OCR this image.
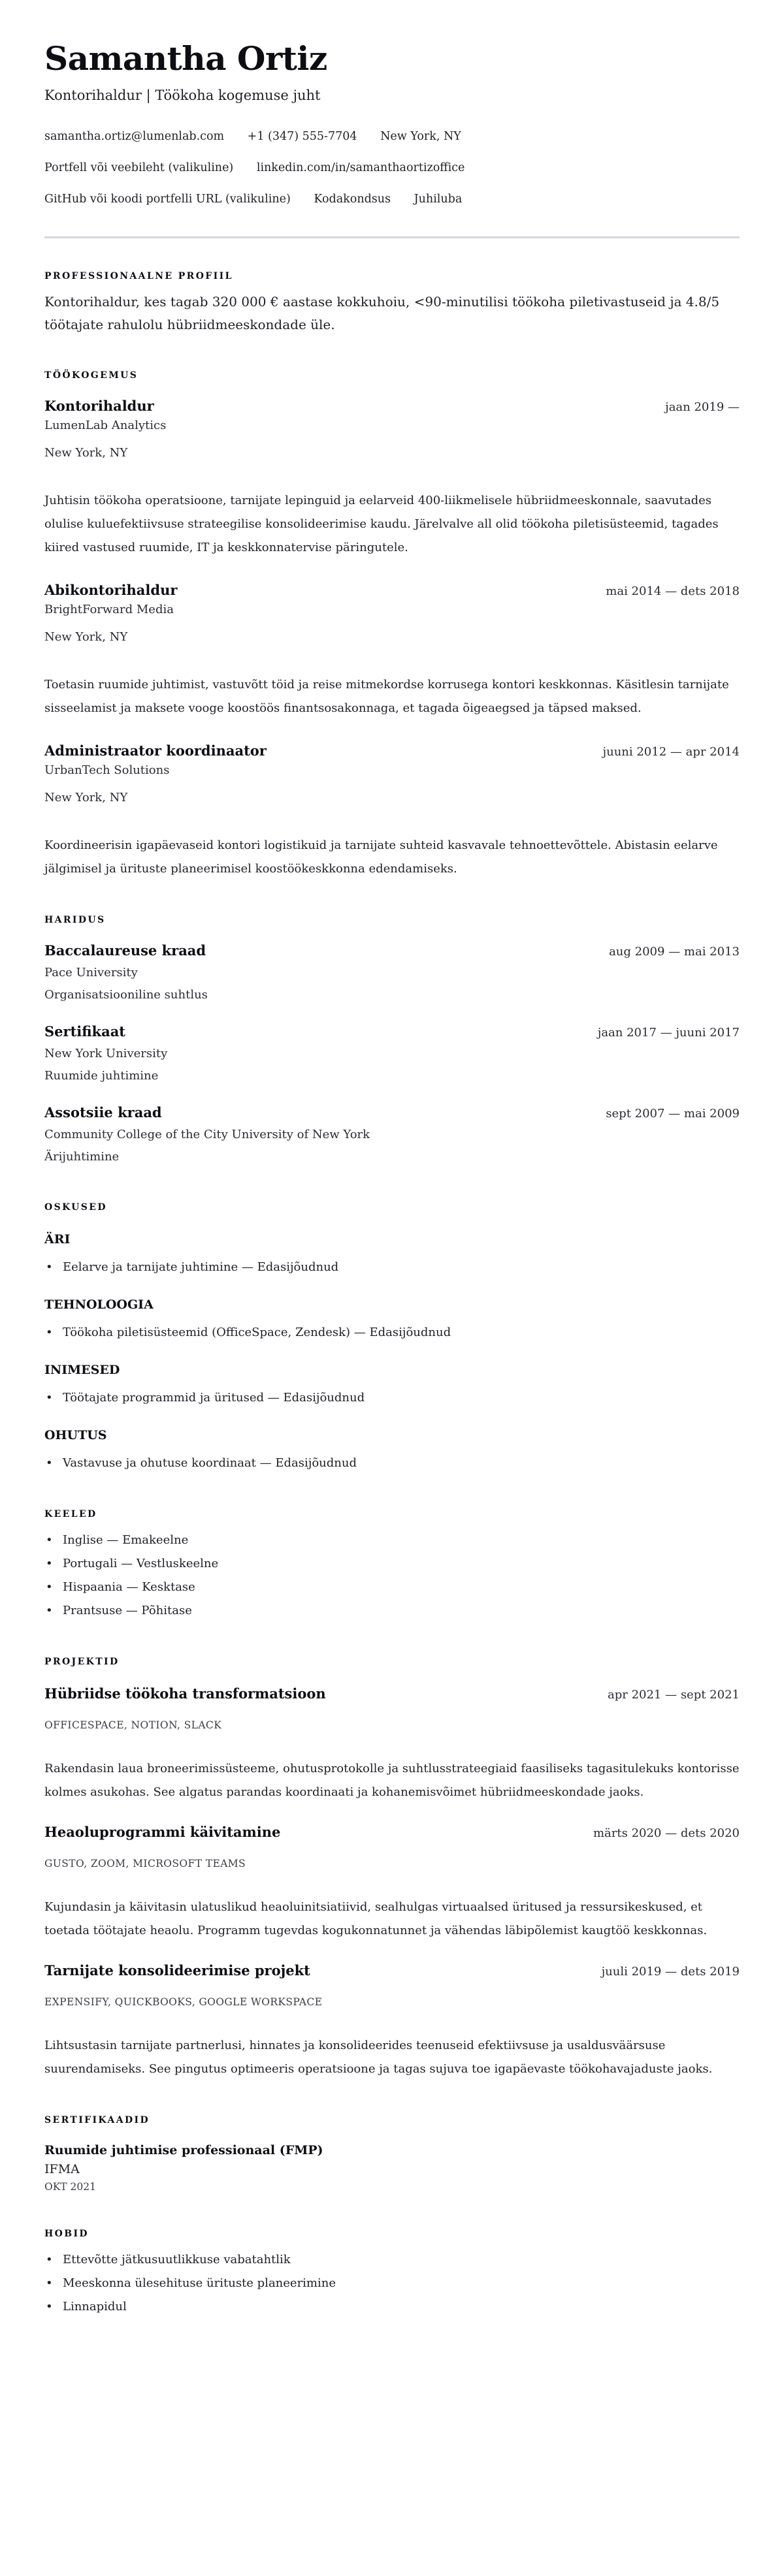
Samantha Ortiz
Kontorihaldur | Töökoha kogemuse juht
samantha.ortiz@lumenlab.com +1 (347) 555-7704 New York, NY
Portfell või veebileht (valikuline) linkedin.com/in/samanthaortizoffice
GitHub või koodi portfelli URL (valikuline) Kodakondsus Juhiluba
PROFESSIONAALNE PROFIIL

Kontorihaldur, kes tagab 320 000 € aastase kokkuhoiu, <90-minutilisi töökoha piletivastuseid ja 4.8/5 töötajate rahulolu hübriidmeeskondade üle.

TÖÖKOGEMUS
Kontorihaldur	jaan 2019 —
LumenLab Analytics
New York, NY

Juhtisin töökoha operatsioone, tarnijate lepinguid ja eelarveid 400-liikmelisele hübriidmeeskonnale, saavutades olulise kuluefektiivsuse strateegilise konsolideerimise kaudu. Järelvalve all olid töökoha piletisüsteemid, tagades kiired vastused ruumide, IT ja keskkonnatervise päringutele.

Abikontorihaldur	mai 2014 — dets 2018
BrightForward Media
New York, NY

Toetasin ruumide juhtimist, vastuvõtt töid ja reise mitmekordse korrusega kontori keskkonnas. Käsitlesin tarnijate sisseelamist ja maksete vooge koostöös finantsosakonnaga, et tagada õigeaegsed ja täpsed maksed.

Administraator koordinaator	juuni 2012 — apr 2014
UrbanTech Solutions
New York, NY

Koordineerisin igapäevaseid kontori logistikuid ja tarnijate suhteid kasvavale tehnoettevõttele. Abistasin eelarve jälgimisel ja ürituste planeerimisel koostöökeskkonna edendamiseks.

HARIDUS
Baccalaureuse kraad	aug 2009 — mai 2013
Pace University
Organisatsiooniline suhtlus
Sertifikaat	jaan 2017 — juuni 2017
New York University
Ruumide juhtimine
Assotsiie kraad	sept 2007 — mai 2009
Community College of the City University of New York
Ärijuhtimine
OSKUSED
ÄRI
• Eelarve ja tarnijate juhtimine — Edasijõudnud
TEHNOLOOGIA
• Töökoha piletisüsteemid (OfficeSpace, Zendesk) — Edasijõudnud
INIMESED
• Töötajate programmid ja üritused — Edasijõudnud
OHUTUS
• Vastavuse ja ohutuse koordinaat — Edasijõudnud
KEELED
• Inglise — Emakeelne
• Portugali — Vestluskeelne
• Hispaania — Kesktase
• Prantsuse — Põhitase
PROJEKTID
Hübriidse töökoha transformatsioon	apr 2021 — sept 2021
OFFICESPACE, NOTION, SLACK

Rakendasin laua broneerimissüsteeme, ohutusprotokolle ja suhtlusstrateegiaid faasiliseks tagasitulekuks kontorisse kolmes asukohas. See algatus parandas koordinaati ja kohanemisvõimet hübriidmeeskondade jaoks.

Heaoluprogrammi käivitamine	märts 2020 — dets 2020
GUSTO, ZOOM, MICROSOFT TEAMS

Kujundasin ja käivitasin ulatuslikud heaoluinitsiatiivid, sealhulgas virtuaalsed üritused ja ressursikeskused, et toetada töötajate heaolu. Programm tugevdas kogukonnatunnet ja vähendas läbipõlemist kaugtöö keskkonnas.

Tarnijate konsolideerimise projekt	juuli 2019 — dets 2019
EXPENSIFY, QUICKBOOKS, GOOGLE WORKSPACE

Lihtsustasin tarnijate partnerlusi, hinnates ja konsolideerides teenuseid efektiivsuse ja usaldusväärsuse suurendamiseks. See pingutus optimeeris operatsioone ja tagas sujuva toe igapäevaste töökohavajaduste jaoks.

SERTIFIKAADID
Ruumide juhtimise professionaal (FMP)
IFMA
OKT 2021
HOBID
• Ettevõtte jätkusuutlikkuse vabatahtlik
• Meeskonna ülesehituse ürituste planeerimine
• Linnapidul
